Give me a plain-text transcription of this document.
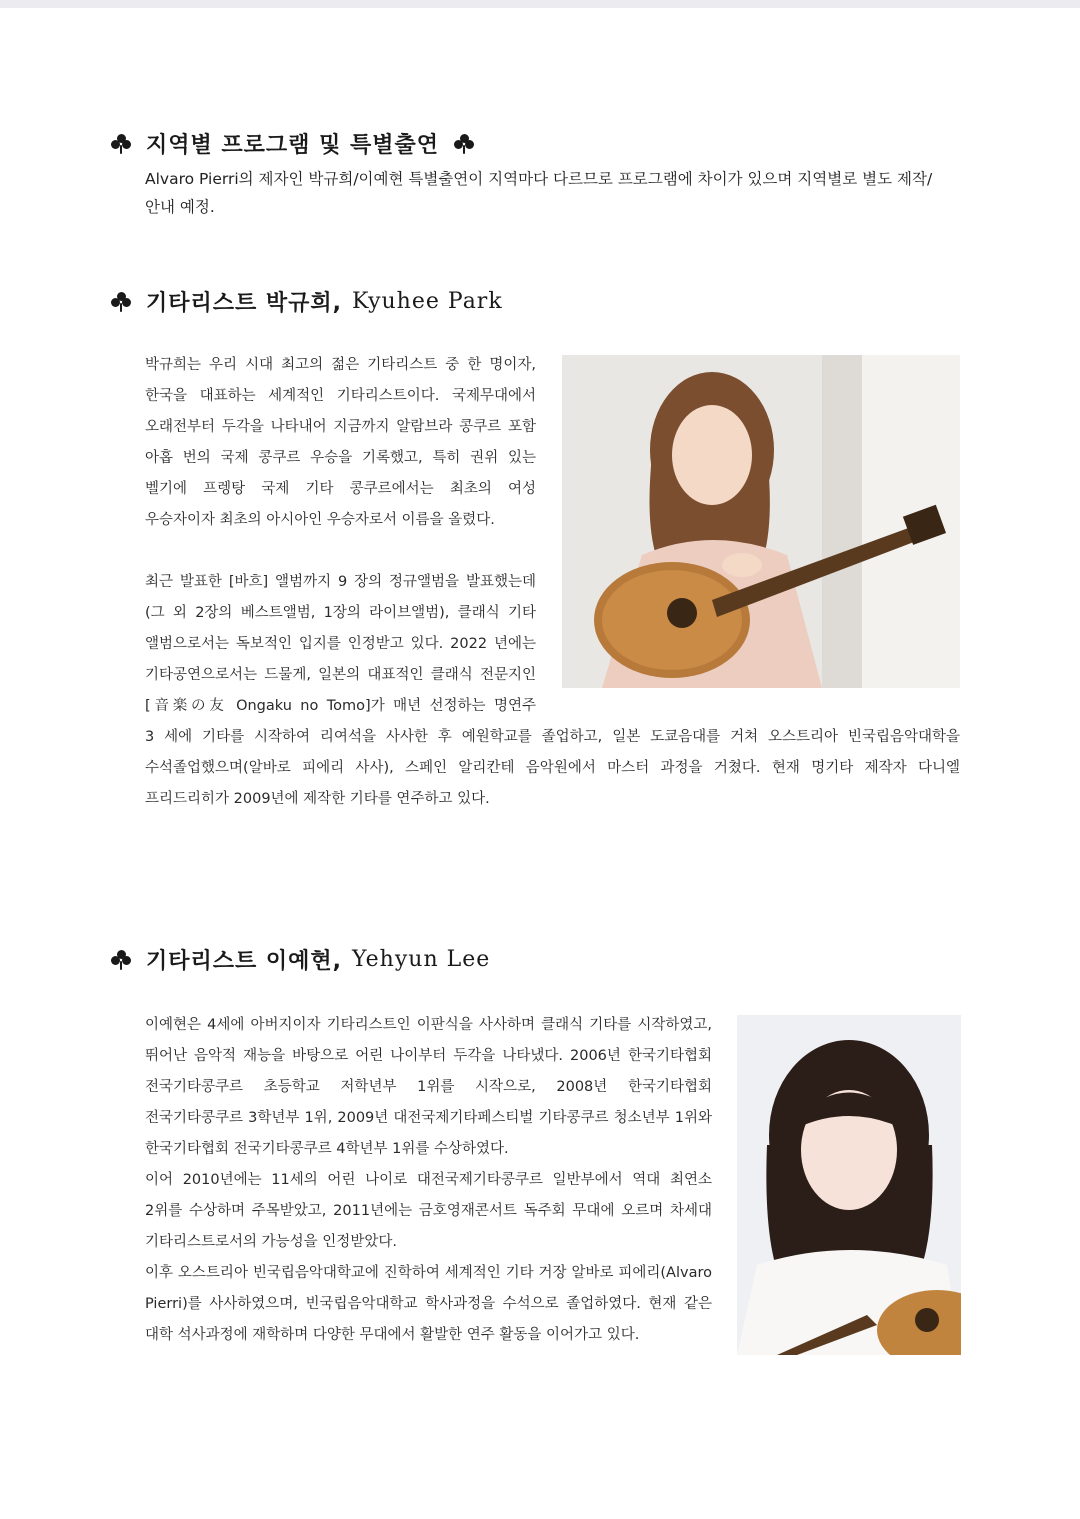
지역별 프로그램 및 특별출연
Alvaro Pierri의 제자인 박규희/이예현 특별출연이 지역마다 다르므로 프로그램에 차이가 있으며 지역별로 별도 제작/안내 예정.
기타리스트 박규희, Kyuhee Park

박규희는 우리 시대 최고의 젊은 기타리스트 중 한 명이자, 한국을 대표하는 세계적인 기타리스트이다. 국제무대에서 오래전부터 두각을 나타내어 지금까지 알람브라 콩쿠르 포함 아홉 번의 국제 콩쿠르 우승을 기록했고, 특히 권위 있는 벨기에 프렝탕 국제 기타 콩쿠르에서는 최초의 여성 우승자이자 최초의 아시아인 우승자로서 이름을 올렸다.

최근 발표한 [바흐] 앨범까지 9 장의 정규앨범을 발표했는데 (그 외 2장의 베스트앨범, 1장의 라이브앨범), 클래식 기타 앨범으로서는 독보적인 입지를 인정받고 있다. 2022 년에는 기타공연으로서는 드물게, 일본의 대표적인 클래식 전문지인 [音楽の友 Ongaku no Tomo]가 매년 선정하는 명연주

3 세에 기타를 시작하여 리여석을 사사한 후 예원학교를 졸업하고, 일본 도쿄음대를 거쳐 오스트리아 빈국립음악대학을 수석졸업했으며(알바로 피에리 사사), 스페인 알리칸테 음악원에서 마스터 과정을 거쳤다. 현재 명기타 제작자 다니엘 프리드리히가 2009년에 제작한 기타를 연주하고 있다.

기타리스트 이예현, Yehyun Lee

이예현은 4세에 아버지이자 기타리스트인 이판식을 사사하며 클래식 기타를 시작하였고, 뛰어난 음악적 재능을 바탕으로 어린 나이부터 두각을 나타냈다. 2006년 한국기타협회 전국기타콩쿠르 초등학교 저학년부 1위를 시작으로, 2008년 한국기타협회 전국기타콩쿠르 3학년부 1위, 2009년 대전국제기타페스티벌 기타콩쿠르 청소년부 1위와 한국기타협회 전국기타콩쿠르 4학년부 1위를 수상하였다.

이어 2010년에는 11세의 어린 나이로 대전국제기타콩쿠르 일반부에서 역대 최연소 2위를 수상하며 주목받았고, 2011년에는 금호영재콘서트 독주회 무대에 오르며 차세대 기타리스트로서의 가능성을 인정받았다.

이후 오스트리아 빈국립음악대학교에 진학하여 세계적인 기타 거장 알바로 피에리(Alvaro Pierri)를 사사하였으며, 빈국립음악대학교 학사과정을 수석으로 졸업하였다. 현재 같은 대학 석사과정에 재학하며 다양한 무대에서 활발한 연주 활동을 이어가고 있다.
